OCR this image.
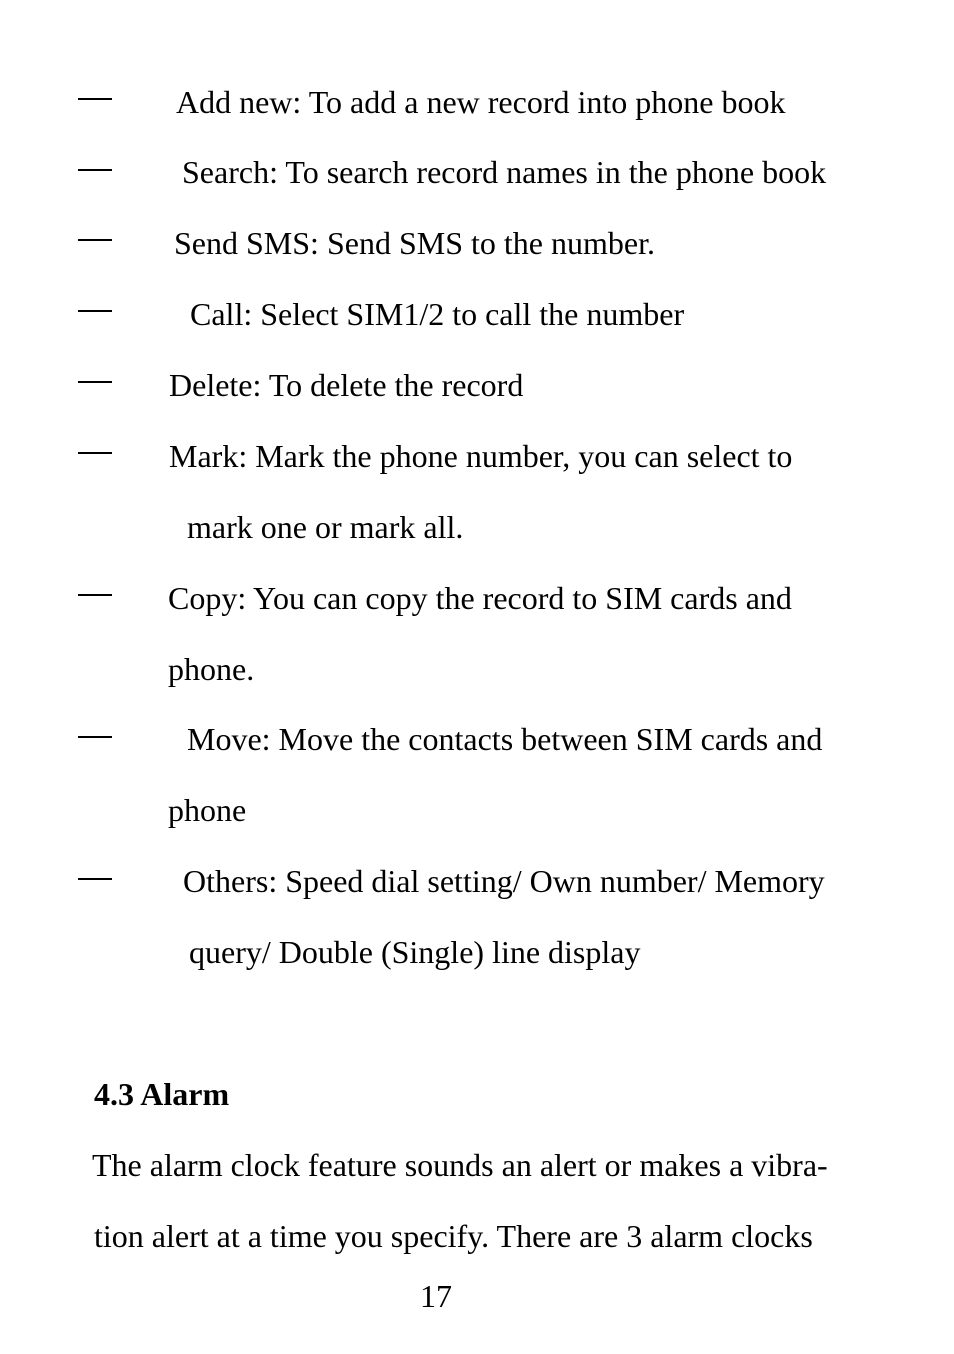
Add new: To add a new record into phone book
Search: To search record names in the phone book
Send SMS: Send SMS to the number.
Call: Select SIM1/2 to call the number
Delete: To delete the record
Mark: Mark the phone number, you can select to
mark one or mark all.
Copy: You can copy the record to SIM cards and
phone.
Move: Move the contacts between SIM cards and
phone
Others: Speed dial setting/ Own number/ Memory
query/ Double (Single) line display
4.3 Alarm
The alarm clock feature sounds an alert or makes a vibra-
tion alert at a time you specify. There are 3 alarm clocks
17
